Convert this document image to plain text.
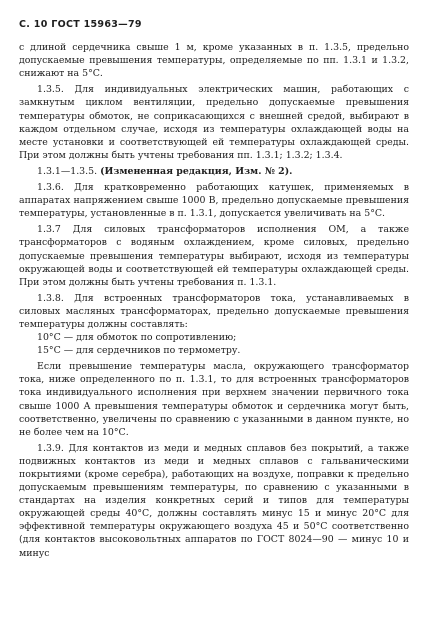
С. 10 ГОСТ 15963—79

с длиной сердечника свыше 1 м, кроме указанных в п. 1.3.5, предельно допускаемые превышения температуры, определяемые по пп. 1.3.1 и 1.3.2, снижают на 5°С.

1.3.5. Для индивидуальных электрических машин, работающих с замкнутым циклом вентиляции, предельно допускаемые превышения температуры обмоток, не соприкасающихся с внешней средой, выбирают в каждом отдельном случае, исходя из температуры охлаждающей воды на месте установки и соответствующей ей температуры охлаждающей среды. При этом должны быть учтены требования пп. 1.3.1; 1.3.2; 1.3.4.

1.3.1—1.3.5. (Измененная редакция, Изм. № 2).

1.3.6. Для кратковременно работающих катушек, применяемых в аппаратах напряжением свыше 1000 В, предельно допускаемые превышения температуры, установленные в п. 1.3.1, допускается увеличивать на 5°С.

1.3.7 Для силовых трансформаторов исполнения ОМ, а также трансформаторов с водяным охлаждением, кроме силовых, предельно допускаемые превышения температуры выбирают, исходя из температуры окружающей воды и соответствующей ей температуры охлаждающей среды. При этом должны быть учтены требования п. 1.3.1.

1.3.8. Для встроенных трансформаторов тока, устанавливаемых в силовых масляных трансформаторах, предельно допускаемые превышения температуры должны составлять:

10°С — для обмоток по сопротивлению;

15°С — для сердечников по термометру.

Если превышение температуры масла, окружающего трансформатор тока, ниже определенного по п. 1.3.1, то для встроенных трансформаторов тока индивидуального исполнения при верхнем значении первичного тока свыше 1000 А превышения температуры обмоток и сердечника могут быть, соответственно, увеличены по сравнению с указанными в данном пункте, но не более чем на 10°С.

1.3.9. Для контактов из меди и медных сплавов без покрытий, а также подвижных контактов из меди и медных сплавов с гальваническими покрытиями (кроме серебра), работающих на воздухе, поправки к предельно допускаемым превышениям температуры, по сравнению с указанными в стандартах на изделия конкретных серий и типов для температуры окружающей среды 40°С, должны составлять минус 15 и минус 20°С для эффективной температуры окружающего воздуха 45 и 50°С соответственно (для контактов высоковольтных аппаратов по ГОСТ 8024—90 — минус 10 и минус
